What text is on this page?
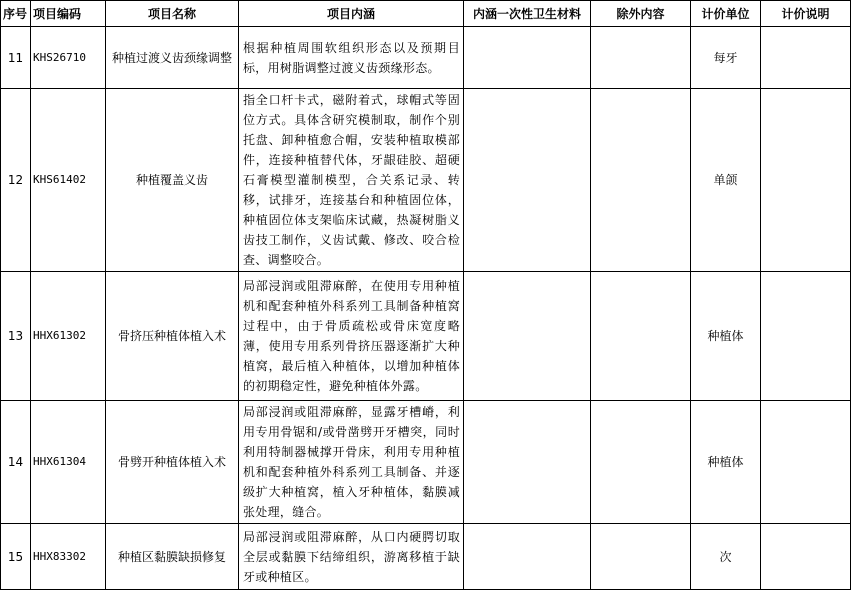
序号	项目编码	项目名称	项目内涵	内涵一次性卫生材料	除外内容	计价单位	计价说明
11	KHS26710	种植过渡义齿颈缘调整	根据种植周围软组织形态以及预期目标，用树脂调整过渡义齿颈缘形态。			每牙	
12	KHS61402	种植覆盖义齿	指全口杆卡式，磁附着式，球帽式等固位方式。具体含研究模制取，制作个别托盘、卸种植愈合帽，安装种植取模部件，连接种植替代体，牙龈硅胶、超硬石膏模型灌制模型，合关系记录、转移，试排牙，连接基台和种植固位体，种植固位体支架临床试藏，热凝树脂义齿技工制作，义齿试戴、修改、咬合检查、调整咬合。			单颌	
13	HHX61302	骨挤压种植体植入术	局部浸润或阻滞麻醉，在使用专用种植机和配套种植外科系列工具制备种植窝过程中，由于骨质疏松或骨床宽度略薄，使用专用系列骨挤压器逐渐扩大种植窝，最后植入种植体，以增加种植体的初期稳定性，避免种植体外露。			种植体	
14	HHX61304	骨劈开种植体植入术	局部浸润或阻滞麻醉，显露牙槽嵴，利用专用骨锯和/或骨凿劈开牙槽突，同时利用特制器械撑开骨床，利用专用种植机和配套种植外科系列工具制备、并逐级扩大种植窝，植入牙种植体，黏膜减张处理，缝合。			种植体	
15	HHX83302	种植区黏膜缺损修复	局部浸润或阻滞麻醉，从口内硬腭切取全层或黏膜下结缔组织，游离移植于缺牙或种植区。			次	
